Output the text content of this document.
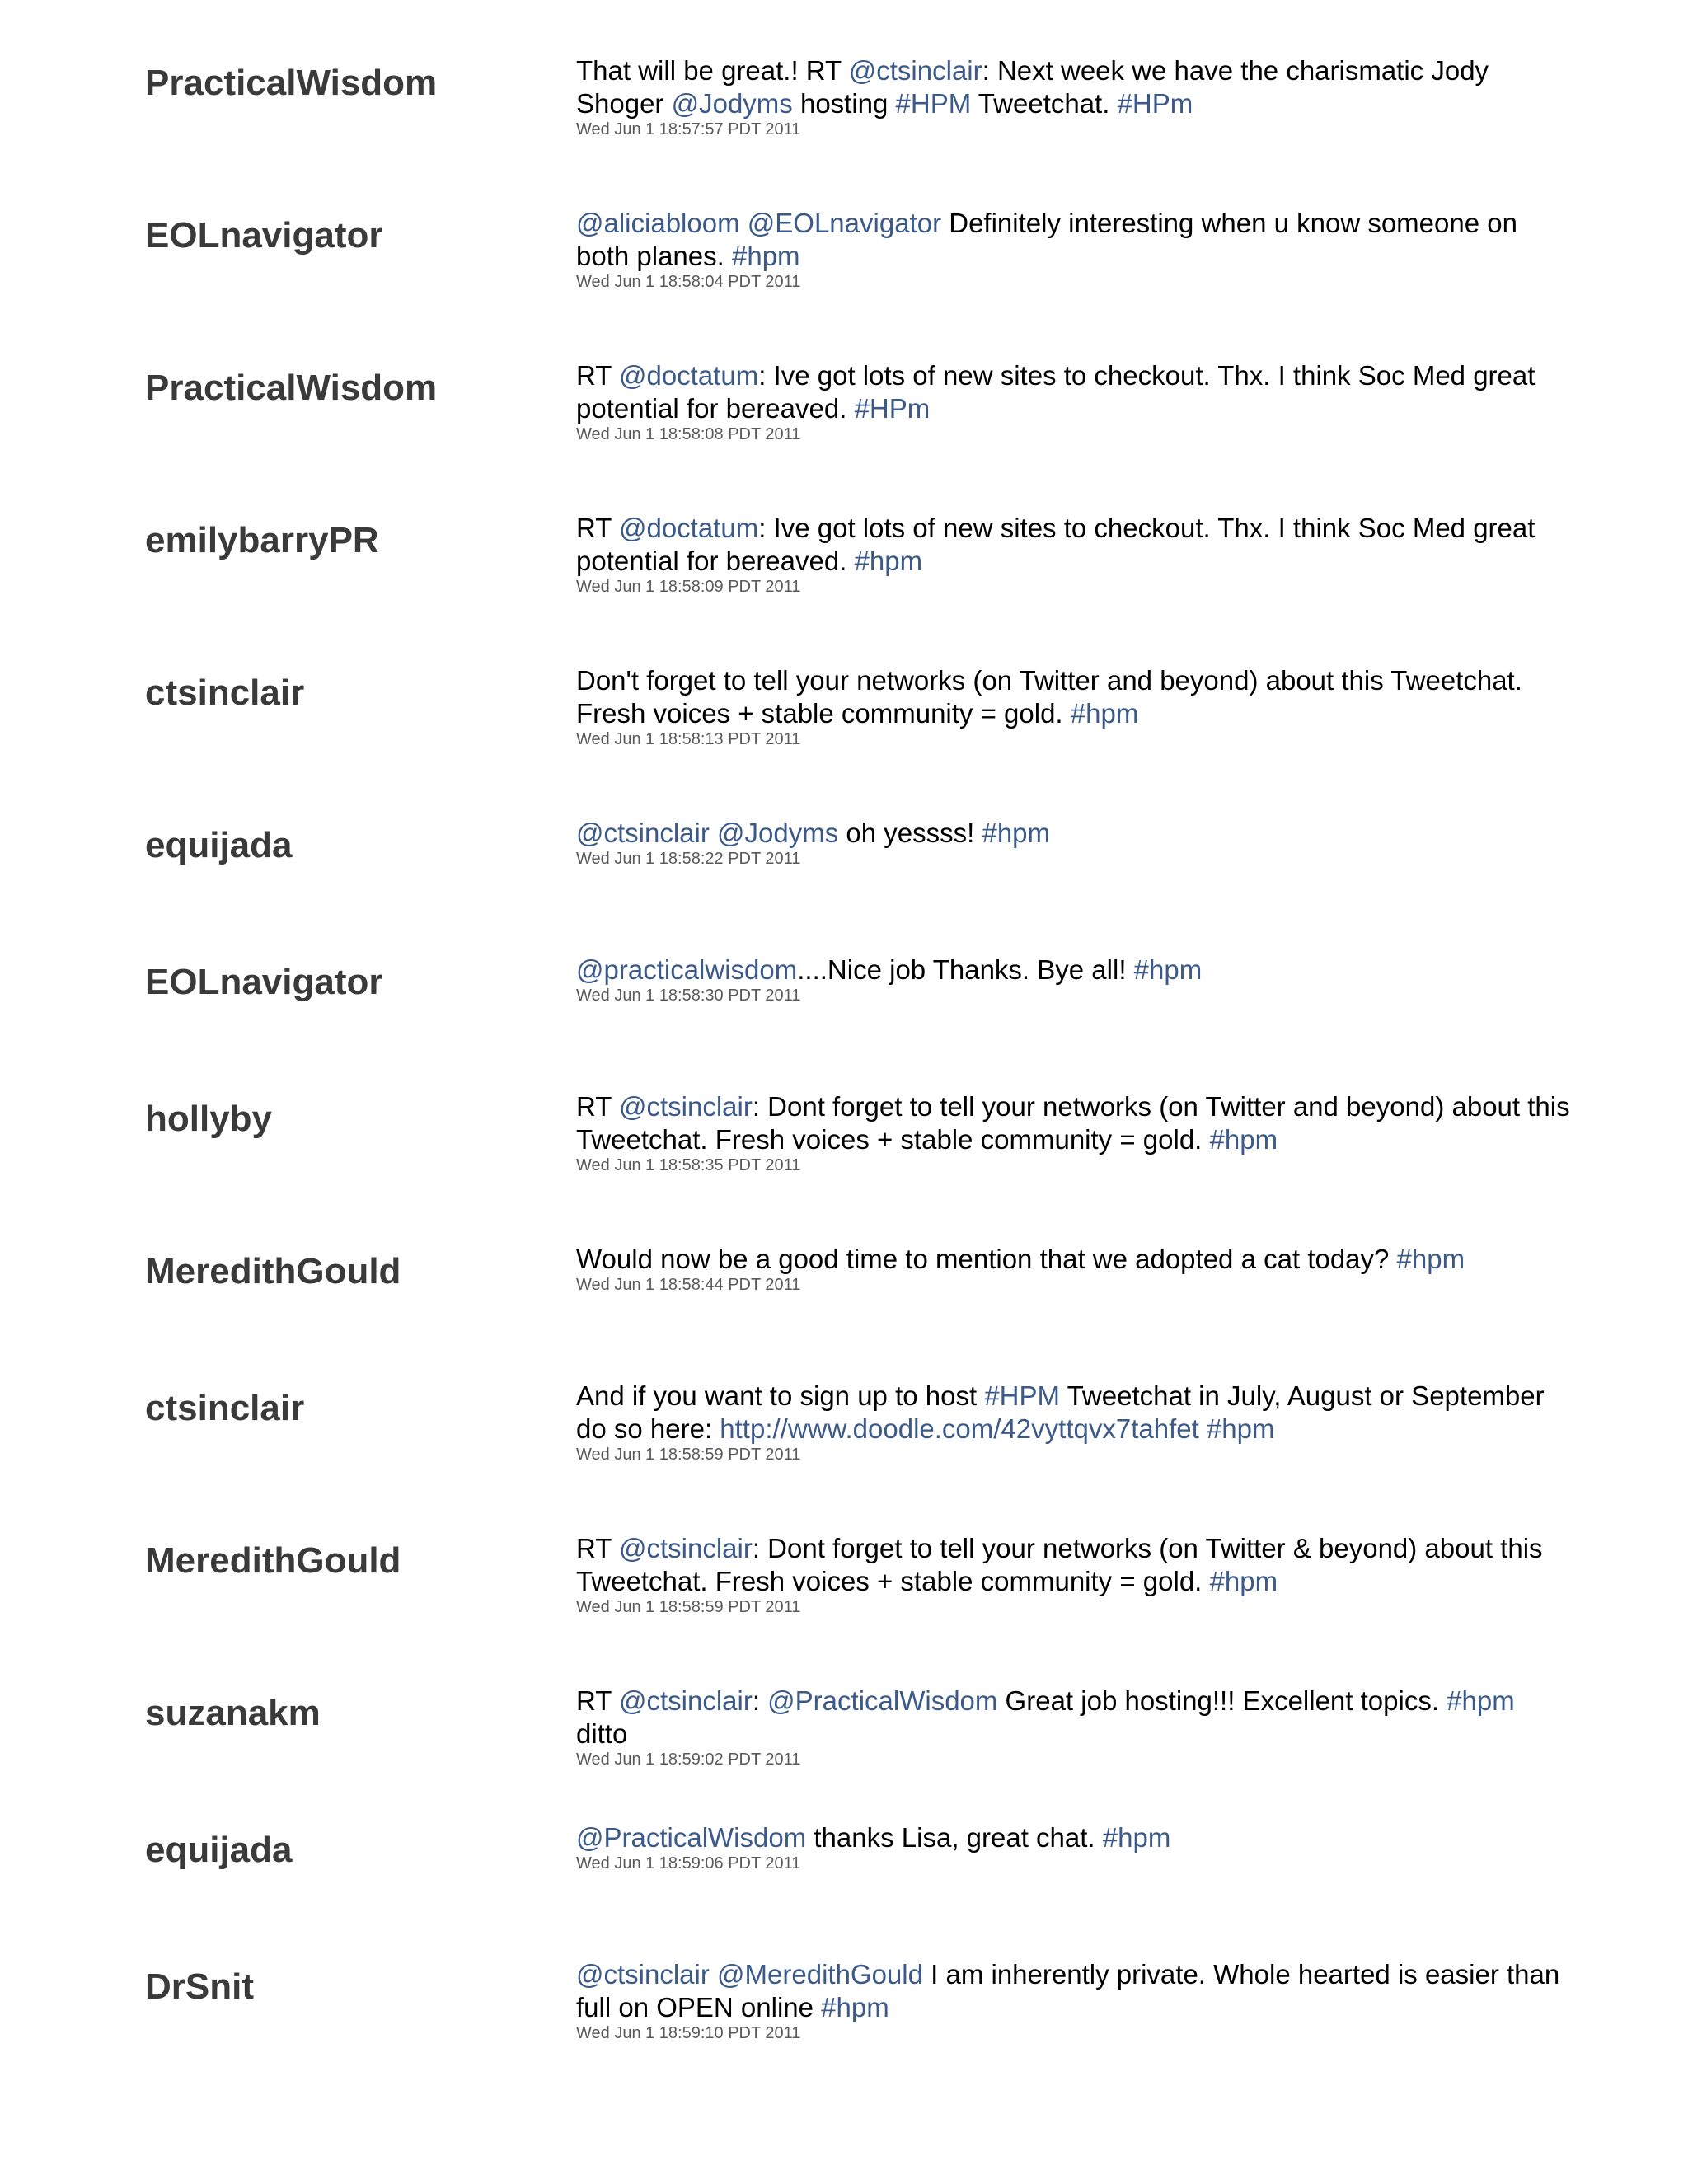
PracticalWisdom	That will be great.! RT @ctsinclair: Next week we have the charismatic Jody Shoger @Jodyms hosting #HPM Tweetchat. #HPm
Wed Jun 1 18:57:57 PDT 2011
EOLnavigator	@aliciabloom @EOLnavigator Definitely interesting when u know someone on both planes. #hpm
Wed Jun 1 18:58:04 PDT 2011
PracticalWisdom	RT @doctatum: Ive got lots of new sites to checkout. Thx. I think Soc Med great potential for bereaved. #HPm
Wed Jun 1 18:58:08 PDT 2011
emilybarryPR	RT @doctatum: Ive got lots of new sites to checkout. Thx. I think Soc Med great potential for bereaved. #hpm
Wed Jun 1 18:58:09 PDT 2011
ctsinclair	Don't forget to tell your networks (on Twitter and beyond) about this Tweetchat. Fresh voices + stable community = gold. #hpm
Wed Jun 1 18:58:13 PDT 2011
equijada	@ctsinclair @Jodyms oh yessss! #hpm
Wed Jun 1 18:58:22 PDT 2011
EOLnavigator	@practicalwisdom....Nice job Thanks. Bye all! #hpm
Wed Jun 1 18:58:30 PDT 2011
hollyby	RT @ctsinclair: Dont forget to tell your networks (on Twitter and beyond) about this Tweetchat. Fresh voices + stable community = gold. #hpm
Wed Jun 1 18:58:35 PDT 2011
MeredithGould	Would now be a good time to mention that we adopted a cat today? #hpm
Wed Jun 1 18:58:44 PDT 2011
ctsinclair	And if you want to sign up to host #HPM Tweetchat in July, August or September do so here: http://www.doodle.com/42vyttqvx7tahfet #hpm
Wed Jun 1 18:58:59 PDT 2011
MeredithGould	RT @ctsinclair: Dont forget to tell your networks (on Twitter & beyond) about this Tweetchat. Fresh voices + stable community = gold. #hpm
Wed Jun 1 18:58:59 PDT 2011
suzanakm	RT @ctsinclair: @PracticalWisdom Great job hosting!!! Excellent topics. #hpm ditto
Wed Jun 1 18:59:02 PDT 2011
equijada	@PracticalWisdom thanks Lisa, great chat. #hpm
Wed Jun 1 18:59:06 PDT 2011
DrSnit	@ctsinclair @MeredithGould I am inherently private. Whole hearted is easier than full on OPEN online #hpm
Wed Jun 1 18:59:10 PDT 2011
